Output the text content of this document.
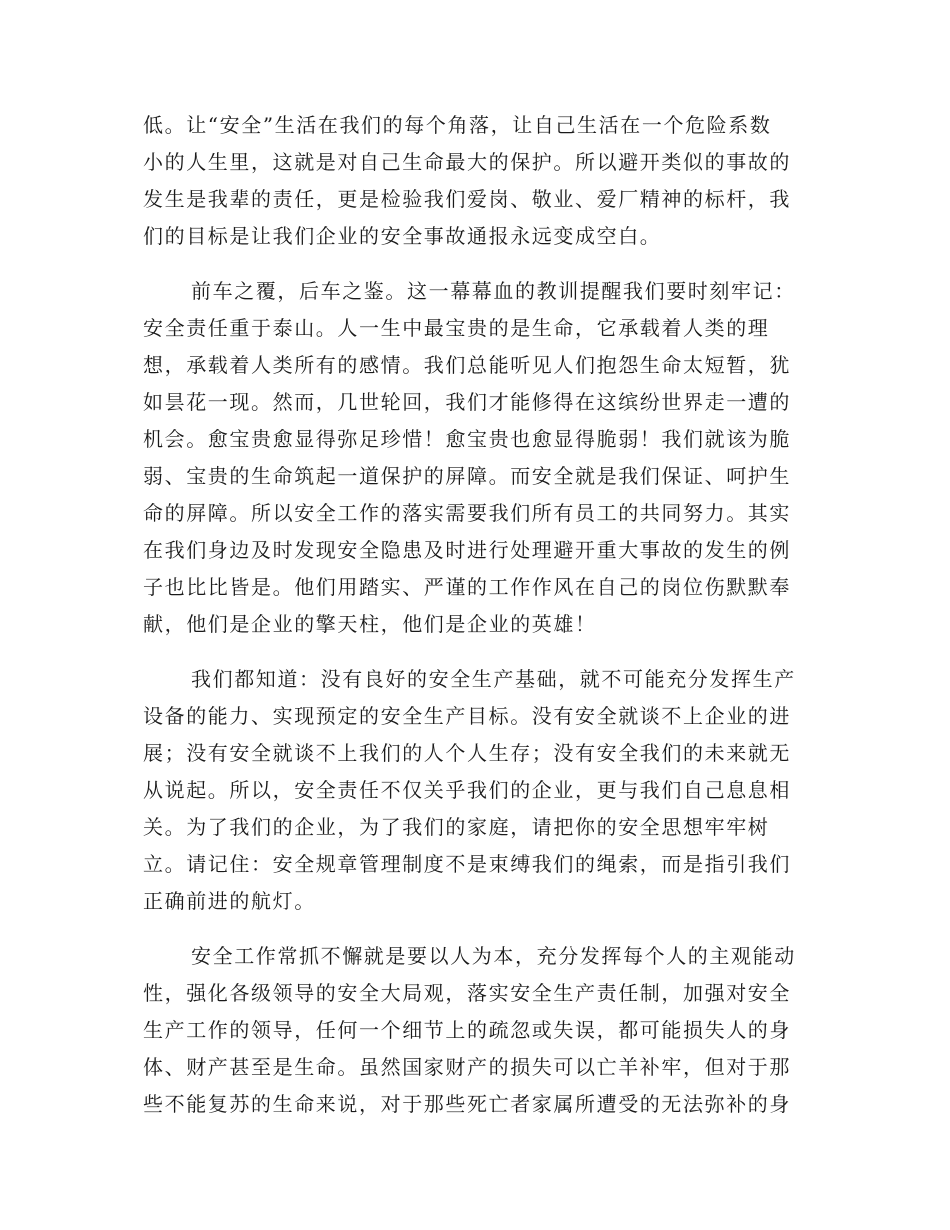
低。让“安全”生活在我们的每个角落，让自己生活在一个危险系数
小的人生里，这就是对自己生命最大的保护。所以避开类似的事故的
发生是我辈的责任，更是检验我们爱岗、敬业、爱厂精神的标杆，我
们的目标是让我们企业的安全事故通报永远变成空白。
前车之覆，后车之鉴。这一幕幕血的教训提醒我们要时刻牢记：
安全责任重于泰山。人一生中最宝贵的是生命，它承载着人类的理
想，承载着人类所有的感情。我们总能听见人们抱怨生命太短暂，犹
如昙花一现。然而，几世轮回，我们才能修得在这缤纷世界走一遭的
机会。愈宝贵愈显得弥足珍惜！愈宝贵也愈显得脆弱！我们就该为脆
弱、宝贵的生命筑起一道保护的屏障。而安全就是我们保证、呵护生
命的屏障。所以安全工作的落实需要我们所有员工的共同努力。其实
在我们身边及时发现安全隐患及时进行处理避开重大事故的发生的例
子也比比皆是。他们用踏实、严谨的工作作风在自己的岗位伤默默奉
献，他们是企业的擎天柱，他们是企业的英雄！
我们都知道：没有良好的安全生产基础，就不可能充分发挥生产
设备的能力、实现预定的安全生产目标。没有安全就谈不上企业的进
展；没有安全就谈不上我们的人个人生存；没有安全我们的未来就无
从说起。所以，安全责任不仅关乎我们的企业，更与我们自己息息相
关。为了我们的企业，为了我们的家庭，请把你的安全思想牢牢树
立。请记住：安全规章管理制度不是束缚我们的绳索，而是指引我们
正确前进的航灯。
安全工作常抓不懈就是要以人为本，充分发挥每个人的主观能动
性，强化各级领导的安全大局观，落实安全生产责任制，加强对安全
生产工作的领导，任何一个细节上的疏忽或失误，都可能损失人的身
体、财产甚至是生命。虽然国家财产的损失可以亡羊补牢，但对于那
些不能复苏的生命来说，对于那些死亡者家属所遭受的无法弥补的身
